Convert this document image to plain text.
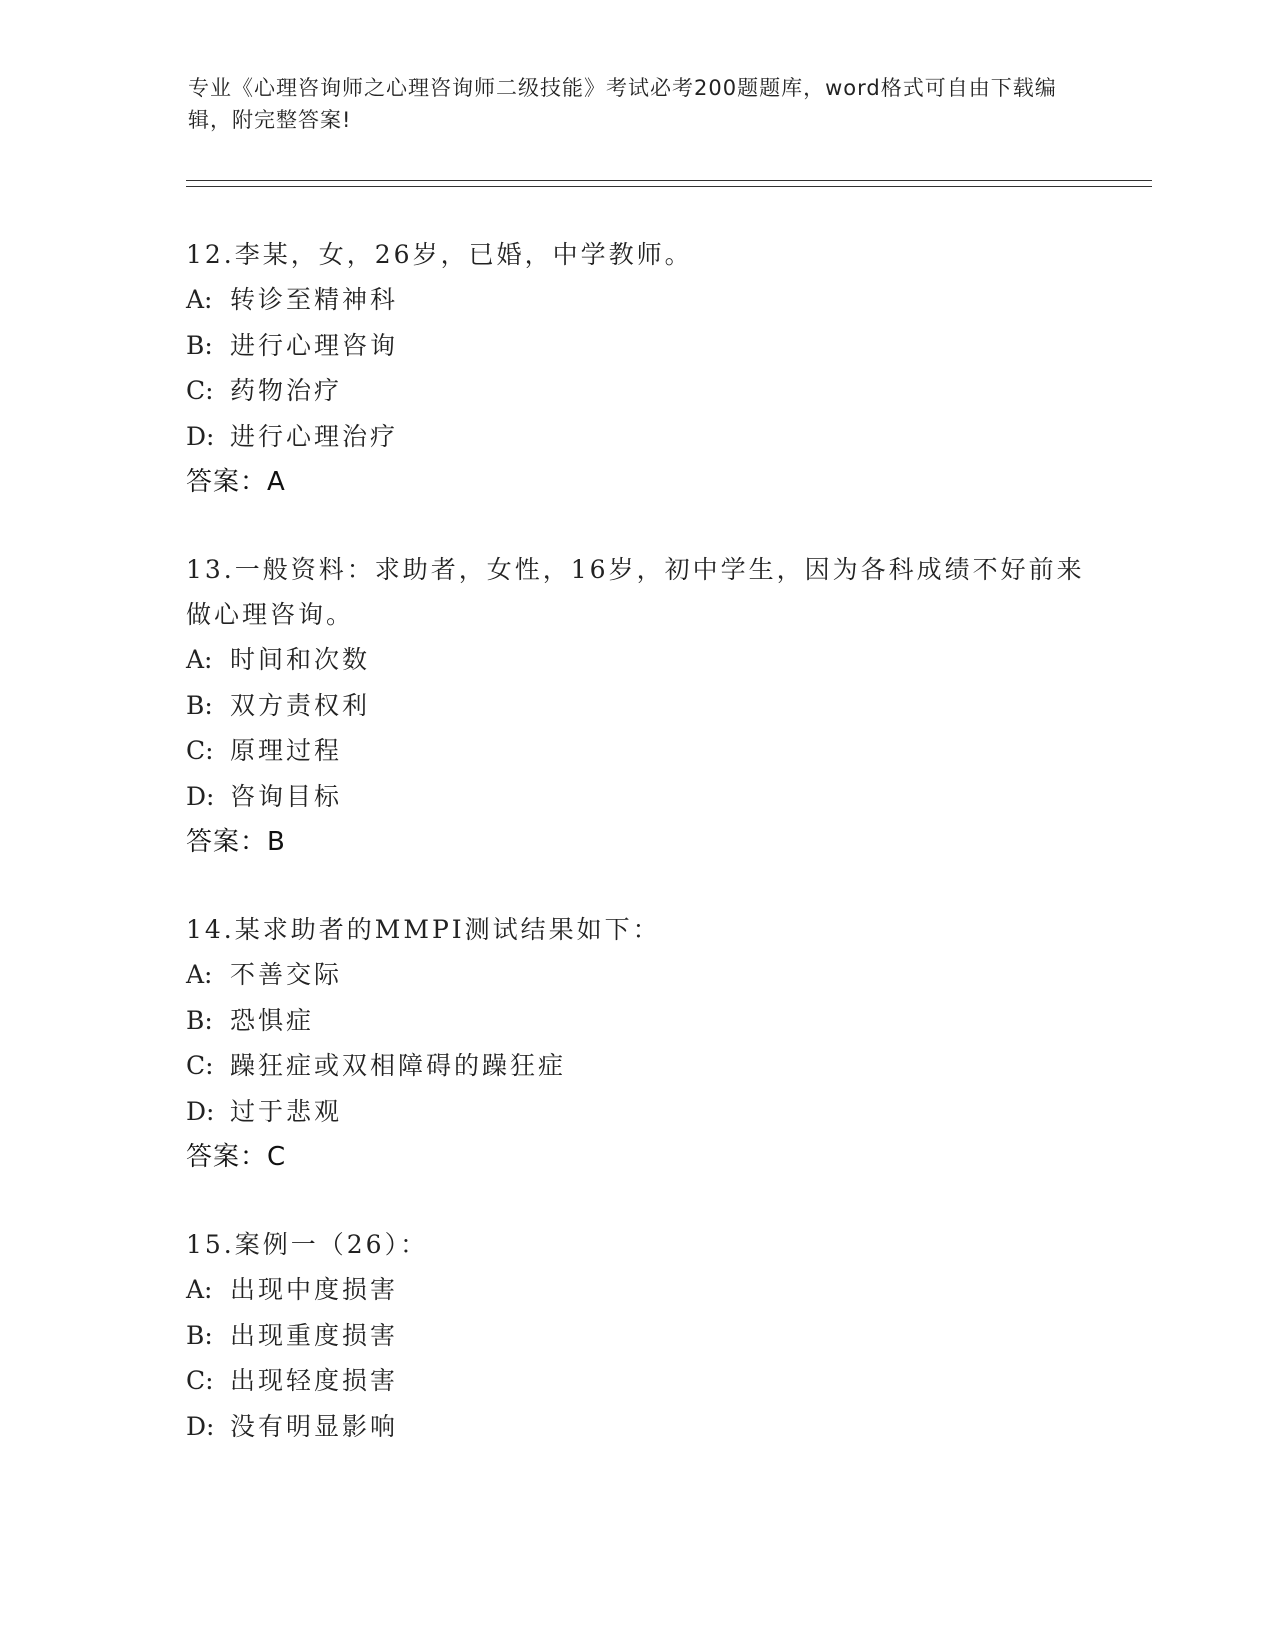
专业《心理咨询师之心理咨询师二级技能》考试必考200题题库，word格式可自由下载编辑，附完整答案!
12.李某，女，26岁，已婚，中学教师。
A: 转诊至精神科
B: 进行心理咨询
C: 药物治疗
D: 进行心理治疗
答案：A
13.一般资料：求助者，女性，16岁，初中学生，因为各科成绩不好前来做心理咨询。
A: 时间和次数
B: 双方责权利
C: 原理过程
D: 咨询目标
答案：B
14.某求助者的MMPI测试结果如下：
A: 不善交际
B: 恐惧症
C: 躁狂症或双相障碍的躁狂症
D: 过于悲观
答案：C
15.案例一（26）：
A: 出现中度损害
B: 出现重度损害
C: 出现轻度损害
D: 没有明显影响
